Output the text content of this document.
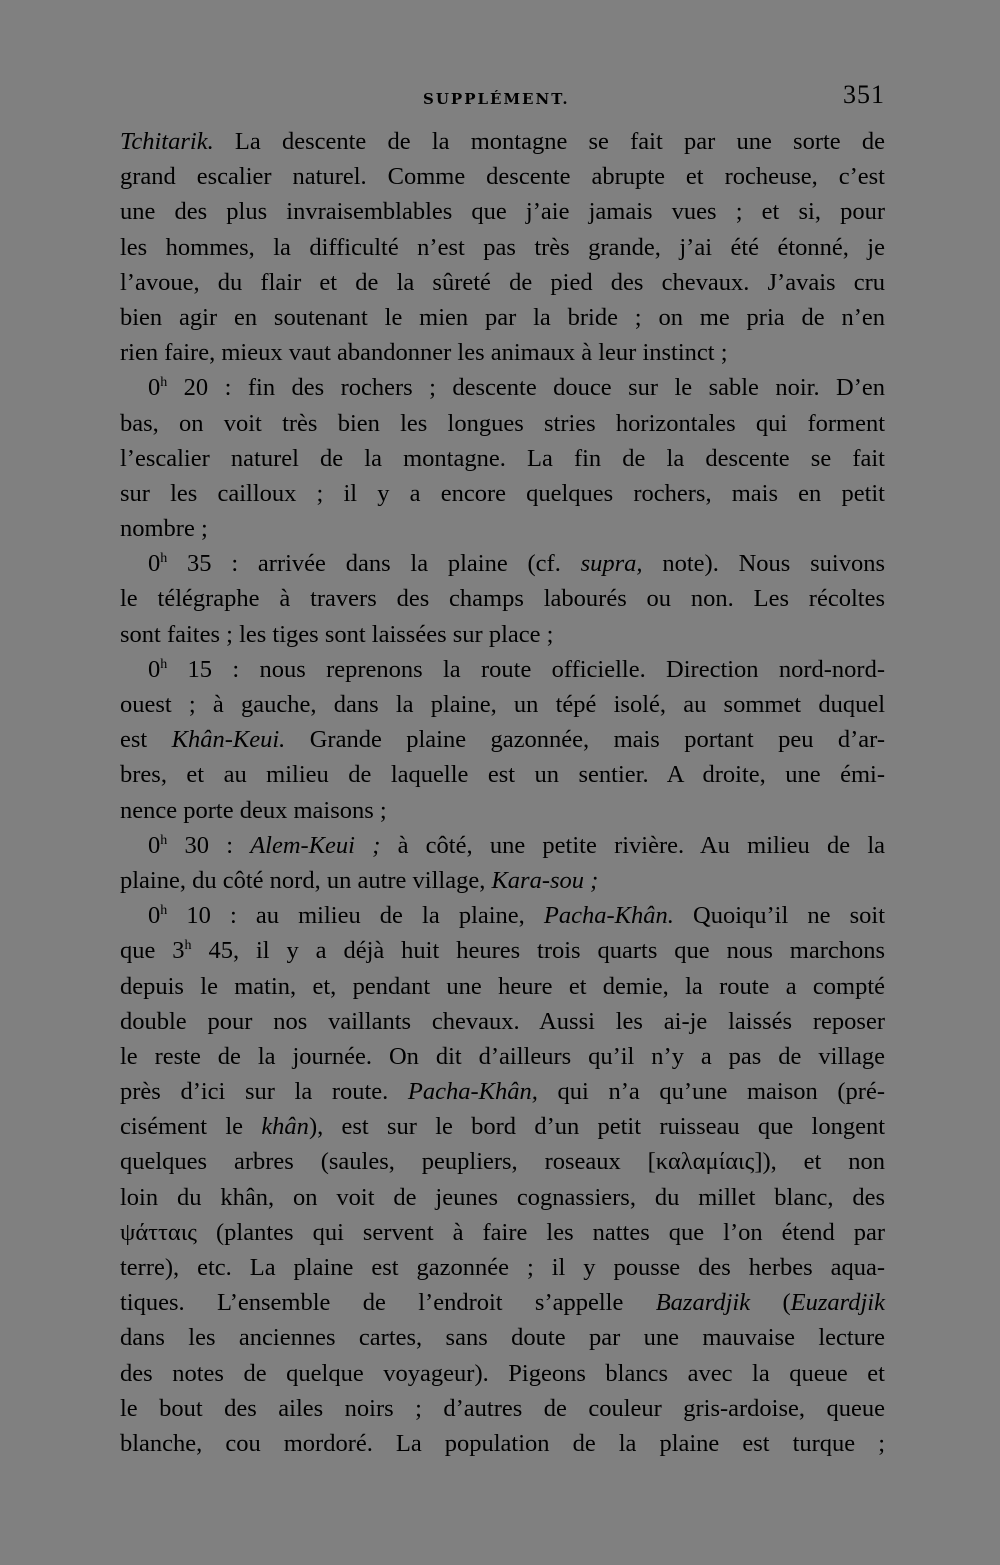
SUPPLÉMENT.	351
Tchitarik. La descente de la montagne se fait par une sorte de
grand escalier naturel. Comme descente abrupte et rocheuse, c’est
une des plus invraisemblables que j’aie jamais vues ; et si, pour
les hommes, la difficulté n’est pas très grande, j’ai été étonné, je
l’avoue, du flair et de la sûreté de pied des chevaux. J’avais cru
bien agir en soutenant le mien par la bride ; on me pria de n’en
rien faire, mieux vaut abandonner les animaux à leur instinct ;
0$^h$ 20 : fin des rochers ; descente douce sur le sable noir. D’en
bas, on voit très bien les longues stries horizontales qui forment
l’escalier naturel de la montagne. La fin de la descente se fait
sur les cailloux ; il y a encore quelques rochers, mais en petit
nombre ;
0$^h$ 35 : arrivée dans la plaine (cf. supra, note). Nous suivons
le télégraphe à travers des champs labourés ou non. Les récoltes
sont faites ; les tiges sont laissées sur place ;
0$^h$ 15 : nous reprenons la route officielle. Direction nord-nord-
ouest ; à gauche, dans la plaine, un tépé isolé, au sommet duquel
est Khân-Keui. Grande plaine gazonnée, mais portant peu d’ar-
bres, et au milieu de laquelle est un sentier. A droite, une émi-
nence porte deux maisons ;
0$^h$ 30 : Alem-Keui ; à côté, une petite rivière. Au milieu de la
plaine, du côté nord, un autre village, Kara-sou ;
0$^h$ 10 : au milieu de la plaine, Pacha-Khân. Quoiqu’il ne soit
que 3$^h$ 45, il y a déjà huit heures trois quarts que nous marchons
depuis le matin, et, pendant une heure et demie, la route a compté
double pour nos vaillants chevaux. Aussi les ai-je laissés reposer
le reste de la journée. On dit d’ailleurs qu’il n’y a pas de village
près d’ici sur la route. Pacha-Khân, qui n’a qu’une maison (pré-
cisément le khân), est sur le bord d’un petit ruisseau que longent
quelques arbres (saules, peupliers, roseaux [καλαμίαις]), et non
loin du khân, on voit de jeunes cognassiers, du millet blanc, des
ψάτταις (plantes qui servent à faire les nattes que l’on étend par
terre), etc. La plaine est gazonnée ; il y pousse des herbes aqua-
tiques. L’ensemble de l’endroit s’appelle Bazardjik (Euzardjik
dans les anciennes cartes, sans doute par une mauvaise lecture
des notes de quelque voyageur). Pigeons blancs avec la queue et
le bout des ailes noirs ; d’autres de couleur gris-ardoise, queue
blanche, cou mordoré. La population de la plaine est turque ;
